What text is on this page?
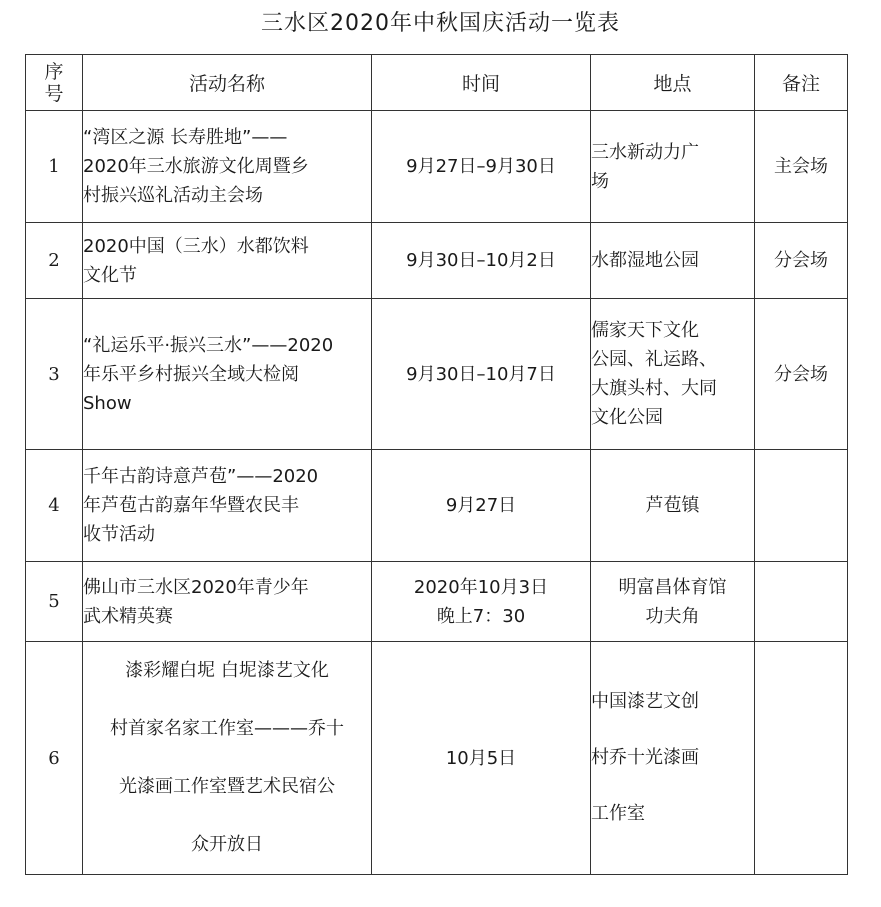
三水区2020年中秋国庆活动一览表
序
号	活动名称	时间	地点	备注
1	“湾区之源 长寿胜地”——
2020年三水旅游文化周暨乡
村振兴巡礼活动主会场	9月27日–9月30日	三水新动力广
场	主会场
2	2020中国（三水）水都饮料
文化节	9月30日–10月2日	水都湿地公园	分会场
3	“礼运乐平·振兴三水”——2020
年乐平乡村振兴全域大检阅
Show	9月30日–10月7日	儒家天下文化
公园、礼运路、
大旗头村、大同
文化公园	分会场
4	千年古韵诗意芦苞”——2020
年芦苞古韵嘉年华暨农民丰
收节活动	9月27日	芦苞镇	
5	佛山市三水区2020年青少年
武术精英赛	2020年10月3日
晚上7：30	明富昌体育馆
功夫角	
6	漆彩耀白坭 白坭漆艺文化
村首家名家工作室———乔十
光漆画工作室暨艺术民宿公
众开放日	10月5日	中国漆艺文创
村乔十光漆画
工作室	
